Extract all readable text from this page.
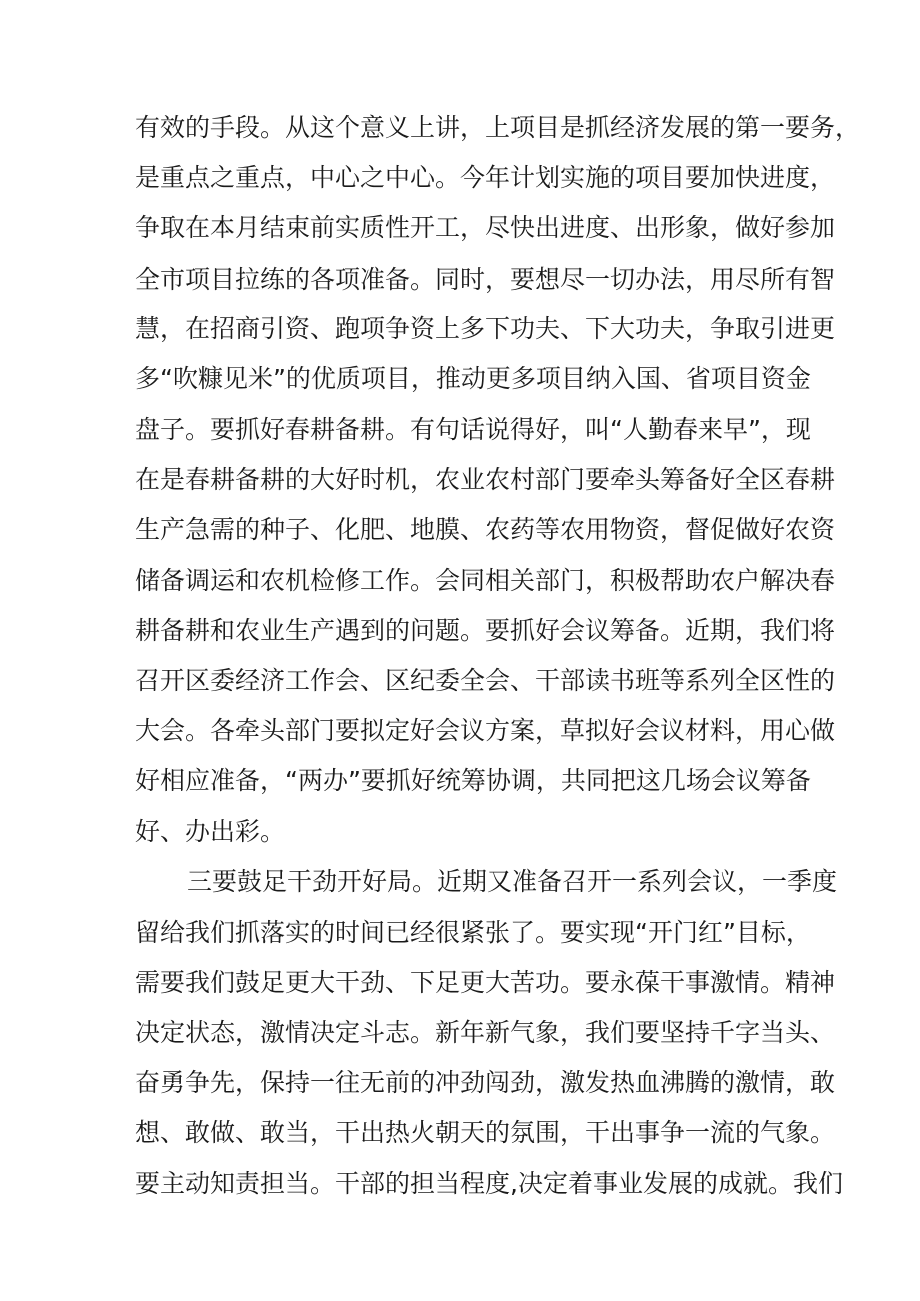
有效的手段。从这个意义上讲，上项目是抓经济发展的第一要务，
是重点之重点，中心之中心。今年计划实施的项目要加快进度，
争取在本月结束前实质性开工，尽快出进度、出形象，做好参加
全市项目拉练的各项准备。同时，要想尽一切办法，用尽所有智
慧，在招商引资、跑项争资上多下功夫、下大功夫，争取引进更
多“吹糠见米”的优质项目，推动更多项目纳入国、省项目资金
盘子。要抓好春耕备耕。有句话说得好，叫“人勤春来早”，现
在是春耕备耕的大好时机，农业农村部门要牵头筹备好全区春耕
生产急需的种子、化肥、地膜、农药等农用物资，督促做好农资
储备调运和农机检修工作。会同相关部门，积极帮助农户解决春
耕备耕和农业生产遇到的问题。要抓好会议筹备。近期，我们将
召开区委经济工作会、区纪委全会、干部读书班等系列全区性的
大会。各牵头部门要拟定好会议方案，草拟好会议材料，用心做
好相应准备，“两办”要抓好统筹协调，共同把这几场会议筹备
好、办出彩。
三要鼓足干劲开好局。近期又准备召开一系列会议，一季度
留给我们抓落实的时间已经很紧张了。要实现“开门红”目标，
需要我们鼓足更大干劲、下足更大苦功。要永葆干事激情。精神
决定状态，激情决定斗志。新年新气象，我们要坚持千字当头、
奋勇争先，保持一往无前的冲劲闯劲，激发热血沸腾的激情，敢
想、敢做、敢当，干出热火朝天的氛围，干出事争一流的气象。
要主动知责担当。干部的担当程度,决定着事业发展的成就。我们
